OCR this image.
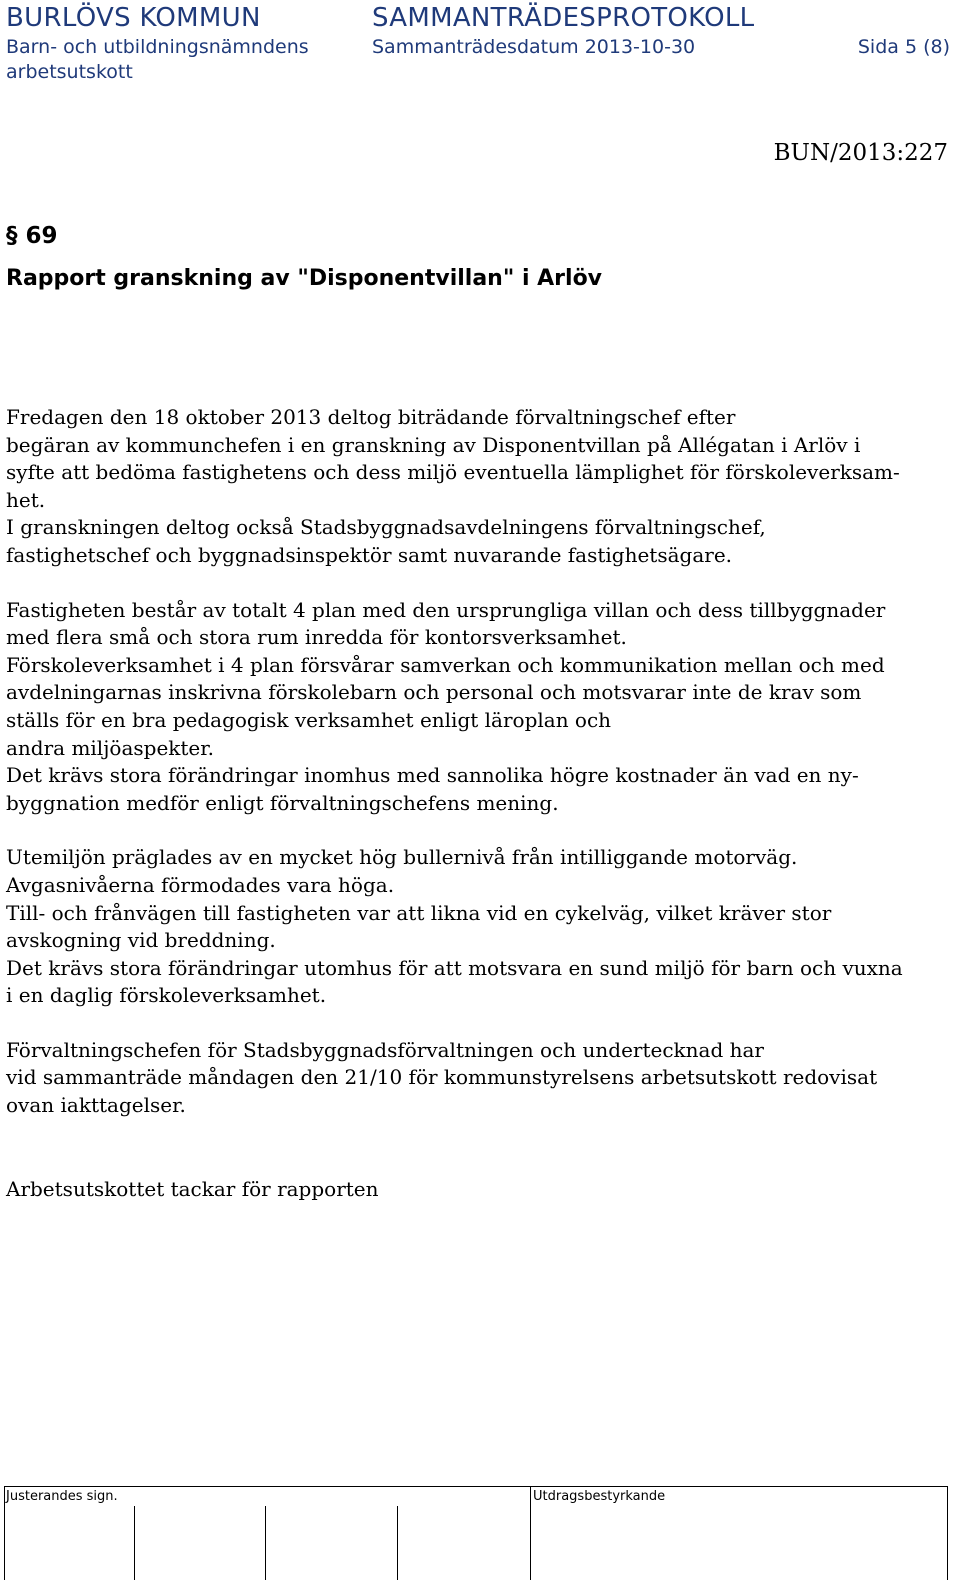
BURLÖVS KOMMUN	SAMMANTRÄDESPROTOKOLL
Barn- och utbildningsnämndens
arbetsutskott
Sammanträdesdatum 2013-10-30	Sida 5 (8)
BUN/2013:227
§ 69
Rapport granskning av "Disponentvillan" i Arlöv

Fredagen den 18 oktober 2013 deltog biträdande förvaltningschef efter
begäran av kommunchefen i en granskning av Disponentvillan på Allégatan i Arlöv i
syfte att bedöma fastighetens och dess miljö eventuella lämplighet för förskoleverksam-
het.
I granskningen deltog också Stadsbyggnadsavdelningens förvaltningschef,
fastighetschef och byggnadsinspektör samt nuvarande fastighetsägare.

Fastigheten består av totalt 4 plan med den ursprungliga villan och dess tillbyggnader
med flera små och stora rum inredda för kontorsverksamhet.
Förskoleverksamhet i 4 plan försvårar samverkan och kommunikation mellan och med
avdelningarnas inskrivna förskolebarn och personal och motsvarar inte de krav som
ställs för en bra pedagogisk verksamhet enligt läroplan och
andra miljöaspekter.
Det krävs stora förändringar inomhus med sannolika högre kostnader än vad en ny-
byggnation medför enligt förvaltningschefens mening.

Utemiljön präglades av en mycket hög bullernivå från intilliggande motorväg.
Avgasnivåerna förmodades vara höga.
Till- och frånvägen till fastigheten var att likna vid en cykelväg, vilket kräver stor
avskogning vid breddning.
Det krävs stora förändringar utomhus för att motsvara en sund miljö för barn och vuxna
i en daglig förskoleverksamhet.

Förvaltningschefen för Stadsbyggnadsförvaltningen och undertecknad har
vid sammanträde måndagen den 21/10 för kommunstyrelsens arbetsutskott redovisat
ovan iakttagelser.

Arbetsutskottet tackar för rapporten
Justerandes sign.	Utdragsbestyrkande
